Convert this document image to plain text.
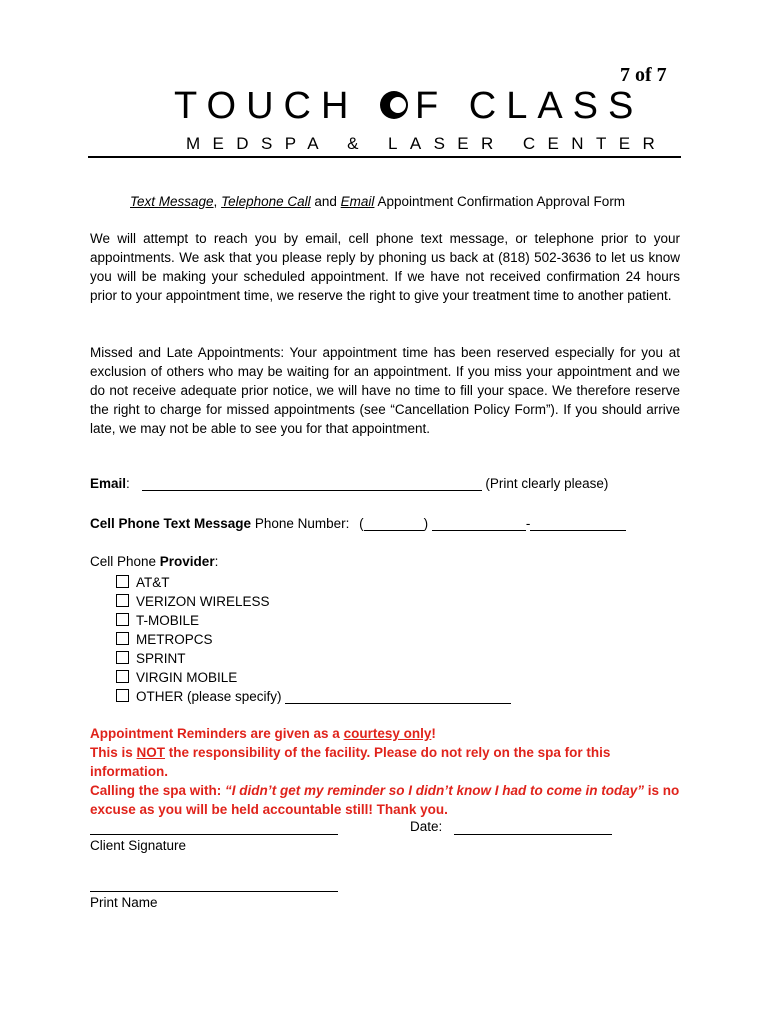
7 of 7
TOUCH F CLASS
MEDSPA & LASER CENTER
Text Message, Telephone Call and Email Appointment Confirmation Approval Form

We will attempt to reach you by email, cell phone text message, or telephone prior to your appointments. We ask that you please reply by phoning us back at (818) 502-3636 to let us know you will be making your scheduled appointment. If we have not received confirmation 24 hours prior to your appointment time, we reserve the right to give your treatment time to another patient.

Missed and Late Appointments: Your appointment time has been reserved especially for you at exclusion of others who may be waiting for an appointment. If you miss your appointment and we do not receive adequate prior notice, we will have no time to fill your space. We therefore reserve the right to charge for missed appointments (see “Cancellation Policy Form”). If you should arrive late, we may not be able to see you for that appointment.

Email:	(Print clearly please)
Cell Phone Text Message Phone Number: (	)	-
Cell Phone Provider:
AT&T
VERIZON WIRELESS
T-MOBILE
METROPCS
SPRINT
VIRGIN MOBILE
OTHER (please specify)

Appointment Reminders are given as a courtesy only!

This is NOT the responsibility of the facility. Please do not rely on the spa for this information.

Calling the spa with: “I didn’t get my reminder so I didn’t know I had to come in today” is no excuse as you will be held accountable still! Thank you.

Client Signature
Date:
Print Name
